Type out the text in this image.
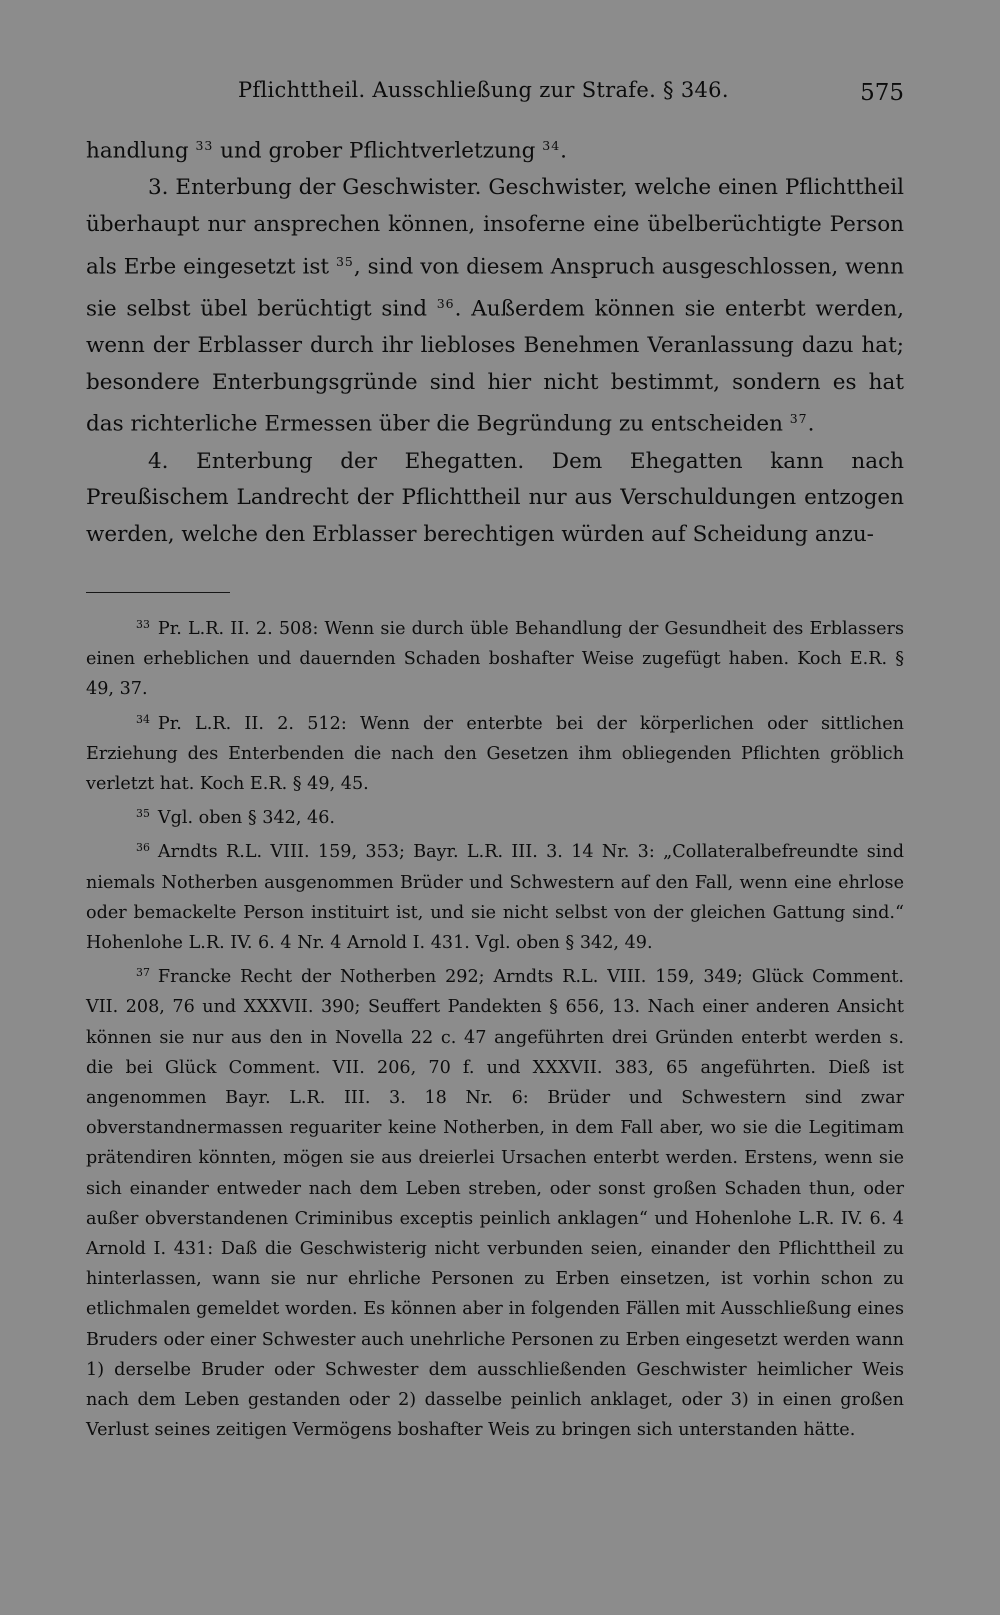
Pflichttheil. Ausschließung zur Strafe. § 346.	575

handlung $^{33}$ und grober Pflichtverletzung $^{34}$.

3. Enterbung der Geschwister. Geschwister, welche einen Pflichttheil überhaupt nur ansprechen können, insoferne eine übelberüchtigte Person als Erbe eingesetzt ist $^{35}$, sind von diesem Anspruch ausgeschlossen, wenn sie selbst übel berüchtigt sind $^{36}$. Außerdem können sie enterbt werden, wenn der Erblasser durch ihr liebloses Benehmen Veranlassung dazu hat; besondere Enterbungsgründe sind hier nicht bestimmt, sondern es hat das richterliche Ermessen über die Begründung zu entscheiden $^{37}$.

4. Enterbung der Ehegatten. Dem Ehegatten kann nach Preußischem Landrecht der Pflichttheil nur aus Verschuldungen entzogen werden, welche den Erblasser berechtigen würden auf Scheidung anzu-

$^{33}$ Pr. L.R. II. 2. 508: Wenn sie durch üble Behandlung der Gesundheit des Erblassers einen erheblichen und dauernden Schaden boshafter Weise zugefügt haben. Koch E.R. § 49, 37.

$^{34}$ Pr. L.R. II. 2. 512: Wenn der enterbte bei der körperlichen oder sittlichen Erziehung des Enterbenden die nach den Gesetzen ihm obliegenden Pflichten gröblich verletzt hat. Koch E.R. § 49, 45.

$^{35}$ Vgl. oben § 342, 46.

$^{36}$ Arndts R.L. VIII. 159, 353; Bayr. L.R. III. 3. 14 Nr. 3: „Collateralbefreundte sind niemals Notherben ausgenommen Brüder und Schwestern auf den Fall, wenn eine ehrlose oder bemackelte Person instituirt ist, und sie nicht selbst von der gleichen Gattung sind.“ Hohenlohe L.R. IV. 6. 4 Nr. 4 Arnold I. 431. Vgl. oben § 342, 49.

$^{37}$ Francke Recht der Notherben 292; Arndts R.L. VIII. 159, 349; Glück Comment. VII. 208, 76 und XXXVII. 390; Seuffert Pandekten § 656, 13. Nach einer anderen Ansicht können sie nur aus den in Novella 22 c. 47 angeführten drei Gründen enterbt werden s. die bei Glück Comment. VII. 206, 70 f. und XXXVII. 383, 65 angeführten. Dieß ist angenommen Bayr. L.R. III. 3. 18 Nr. 6: Brüder und Schwestern sind zwar obverstandnermassen reguariter keine Notherben, in dem Fall aber, wo sie die Legitimam prätendiren könnten, mögen sie aus dreierlei Ursachen enterbt werden. Erstens, wenn sie sich einander entweder nach dem Leben streben, oder sonst großen Schaden thun, oder außer obverstandenen Criminibus exceptis peinlich anklagen“ und Hohenlohe L.R. IV. 6. 4 Arnold I. 431: Daß die Geschwisterig nicht verbunden seien, einander den Pflichttheil zu hinterlassen, wann sie nur ehrliche Personen zu Erben einsetzen, ist vorhin schon zu etlichmalen gemeldet worden. Es können aber in folgenden Fällen mit Ausschließung eines Bruders oder einer Schwester auch unehrliche Personen zu Erben eingesetzt werden wann 1) derselbe Bruder oder Schwester dem ausschließenden Geschwister heimlicher Weis nach dem Leben gestanden oder 2) dasselbe peinlich anklaget, oder 3) in einen großen Verlust seines zeitigen Vermögens boshafter Weis zu bringen sich unterstanden hätte.
